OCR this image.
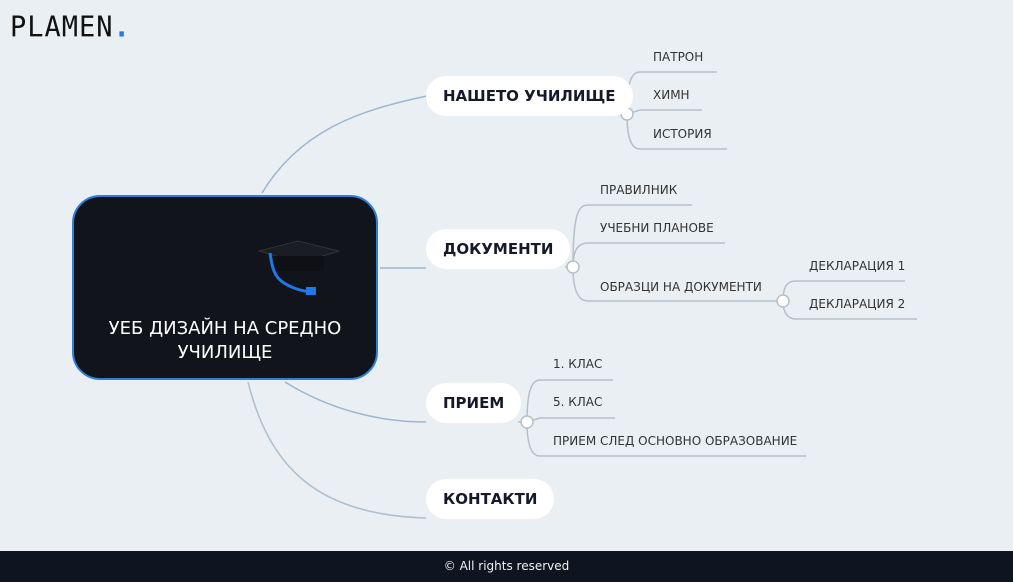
PLAMEN.
УЕБ ДИЗАЙН НА СРЕДНО
УЧИЛИЩЕ
НАШЕТО УЧИЛИЩЕ
ДОКУМЕНТИ
ПРИЕМ
КОНТАКТИ
ПАТРОН
ХИМН
ИСТОРИЯ
ПРАВИЛНИК
УЧЕБНИ ПЛАНОВЕ
ОБРАЗЦИ НА ДОКУМЕНТИ
ДЕКЛАРАЦИЯ 1
ДЕКЛАРАЦИЯ 2
1. КЛАС
5. КЛАС
ПРИЕМ СЛЕД ОСНОВНО ОБРАЗОВАНИЕ
© All rights reserved
